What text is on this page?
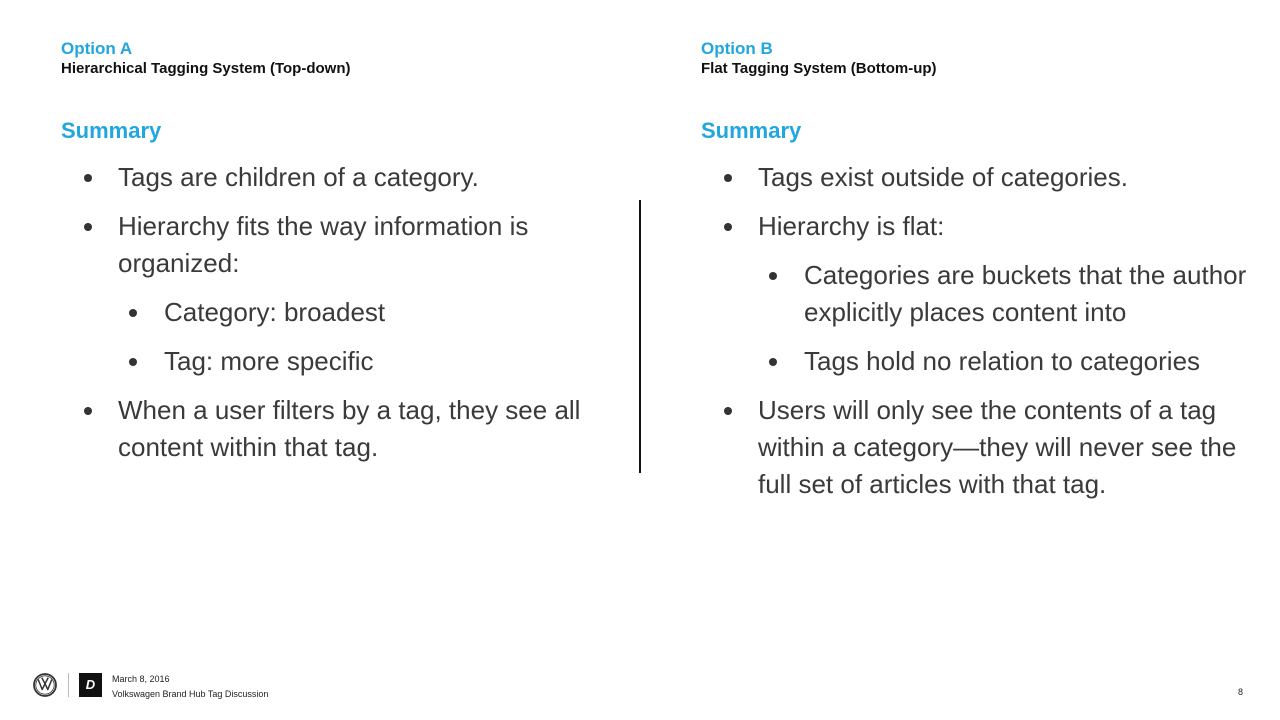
Option A
Hierarchical Tagging System (Top-down)
Summary
Tags are children of a category.
Hierarchy fits the way information is organized:
Category: broadest
Tag: more specific
When a user filters by a tag, they see all content within that tag.
Option B
Flat Tagging System (Bottom-up)
Summary
Tags exist outside of categories.
Hierarchy is flat:
Categories are buckets that the author explicitly places content into
Tags hold no relation to categories
Users will only see the contents of a tag within a category—they will never see the full set of articles with that tag.
D	March 8, 2016
Volkswagen Brand Hub Tag Discussion	8
